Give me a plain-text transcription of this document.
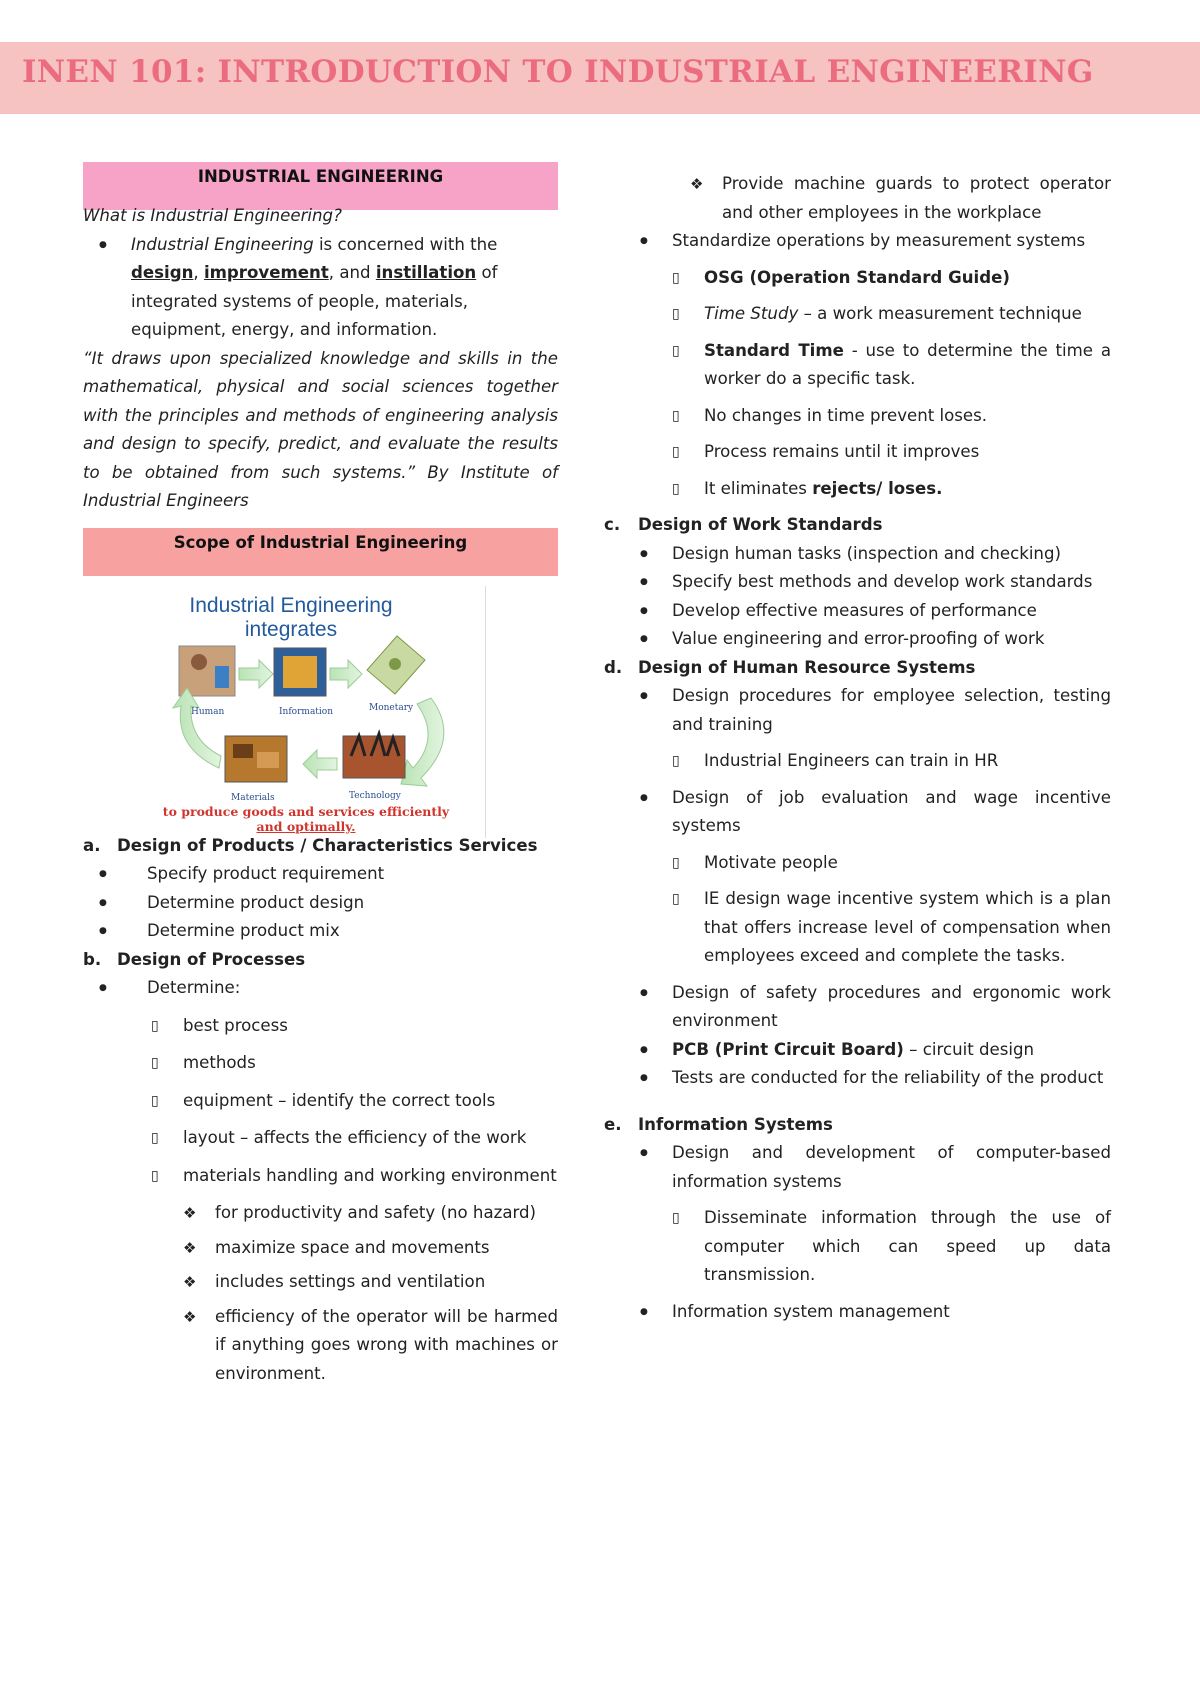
INEN 101: INTRODUCTION TO INDUSTRIAL ENGINEERING
INDUSTRIAL ENGINEERING

What is Industrial Engineering?

● Industrial Engineering is concerned with the design, improvement, and instillation of integrated systems of people, materials, equipment, energy, and information.

“It draws upon specialized knowledge and skills in the mathematical, physical and social sciences together with the principles and methods of engineering analysis and design to specify, predict, and evaluate the results to be obtained from such systems.” By Institute of Industrial Engineers

Scope of Industrial Engineering
Industrial Engineering
integrates
Human	Information	Monetary
Materials	Technology
to produce goods and services efficiently
and optimally.
a. Design of Products / Characteristics Services
● Specify product requirement
● Determine product design
● Determine product mix
b. Design of Processes
● Determine:
▯ best process
▯ methods
▯ equipment – identify the correct tools
▯ layout – affects the efficiency of the work
▯ materials handling and working environment
❖ for productivity and safety (no hazard)
❖ maximize space and movements
❖ includes settings and ventilation
❖ efficiency of the operator will be harmed if anything goes wrong with machines or environment.
❖ Provide machine guards to protect operator and other employees in the workplace
● Standardize operations by measurement systems
▯ OSG (Operation Standard Guide)
▯ Time Study – a work measurement technique
▯ Standard Time - use to determine the time a worker do a specific task.
▯ No changes in time prevent loses.
▯ Process remains until it improves
▯ It eliminates rejects/ loses.
c. Design of Work Standards
● Design human tasks (inspection and checking)
● Specify best methods and develop work standards
● Develop effective measures of performance
● Value engineering and error-proofing of work
d. Design of Human Resource Systems
● Design procedures for employee selection, testing and training
▯ Industrial Engineers can train in HR
● Design of job evaluation and wage incentive systems
▯ Motivate people
▯ IE design wage incentive system which is a plan that offers increase level of compensation when employees exceed and complete the tasks.
● Design of safety procedures and ergonomic work environment
● PCB (Print Circuit Board) – circuit design
● Tests are conducted for the reliability of the product
e. Information Systems
● Design and development of computer-based information systems
▯ Disseminate information through the use of computer which can speed up data transmission.
● Information system management
